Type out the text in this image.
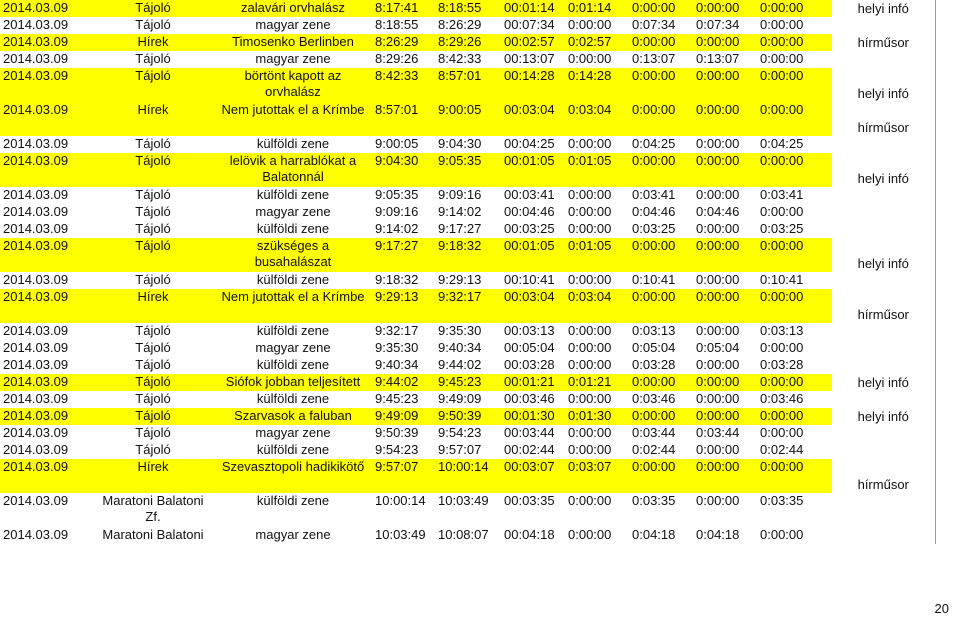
2014.03.09	Tájoló	zalavári orvhalász	8:17:41	8:18:55	00:01:14	0:01:14	0:00:00	0:00:00	0:00:00	helyi infó
2014.03.09	Tájoló	magyar zene	8:18:55	8:26:29	00:07:34	0:00:00	0:07:34	0:07:34	0:00:00	
2014.03.09	Hírek	Timosenko Berlinben	8:26:29	8:29:26	00:02:57	0:02:57	0:00:00	0:00:00	0:00:00	hírműsor
2014.03.09	Tájoló	magyar zene	8:29:26	8:42:33	00:13:07	0:00:00	0:13:07	0:13:07	0:00:00	
2014.03.09	Tájoló	börtönt kapott az orvhalász	8:42:33	8:57:01	00:14:28	0:14:28	0:00:00	0:00:00	0:00:00	helyi infó
2014.03.09	Hírek	Nem jutottak el a Krímbe	8:57:01	9:00:05	00:03:04	0:03:04	0:00:00	0:00:00	0:00:00	hírműsor
2014.03.09	Tájoló	külföldi zene	9:00:05	9:04:30	00:04:25	0:00:00	0:04:25	0:00:00	0:04:25	
2014.03.09	Tájoló	lelövik a harrablókat a Balatonnál	9:04:30	9:05:35	00:01:05	0:01:05	0:00:00	0:00:00	0:00:00	helyi infó
2014.03.09	Tájoló	külföldi zene	9:05:35	9:09:16	00:03:41	0:00:00	0:03:41	0:00:00	0:03:41	
2014.03.09	Tájoló	magyar zene	9:09:16	9:14:02	00:04:46	0:00:00	0:04:46	0:04:46	0:00:00	
2014.03.09	Tájoló	külföldi zene	9:14:02	9:17:27	00:03:25	0:00:00	0:03:25	0:00:00	0:03:25	
2014.03.09	Tájoló	szükséges a busahalászat	9:17:27	9:18:32	00:01:05	0:01:05	0:00:00	0:00:00	0:00:00	helyi infó
2014.03.09	Tájoló	külföldi zene	9:18:32	9:29:13	00:10:41	0:00:00	0:10:41	0:00:00	0:10:41	
2014.03.09	Hírek	Nem jutottak el a Krímbe	9:29:13	9:32:17	00:03:04	0:03:04	0:00:00	0:00:00	0:00:00	hírműsor
2014.03.09	Tájoló	külföldi zene	9:32:17	9:35:30	00:03:13	0:00:00	0:03:13	0:00:00	0:03:13	
2014.03.09	Tájoló	magyar zene	9:35:30	9:40:34	00:05:04	0:00:00	0:05:04	0:05:04	0:00:00	
2014.03.09	Tájoló	külföldi zene	9:40:34	9:44:02	00:03:28	0:00:00	0:03:28	0:00:00	0:03:28	
2014.03.09	Tájoló	Siófok jobban teljesített	9:44:02	9:45:23	00:01:21	0:01:21	0:00:00	0:00:00	0:00:00	helyi infó
2014.03.09	Tájoló	külföldi zene	9:45:23	9:49:09	00:03:46	0:00:00	0:03:46	0:00:00	0:03:46	
2014.03.09	Tájoló	Szarvasok a faluban	9:49:09	9:50:39	00:01:30	0:01:30	0:00:00	0:00:00	0:00:00	helyi infó
2014.03.09	Tájoló	magyar zene	9:50:39	9:54:23	00:03:44	0:00:00	0:03:44	0:03:44	0:00:00	
2014.03.09	Tájoló	külföldi zene	9:54:23	9:57:07	00:02:44	0:00:00	0:02:44	0:00:00	0:02:44	
2014.03.09	Hírek	Szevasztopoli hadikikötő	9:57:07	10:00:14	00:03:07	0:03:07	0:00:00	0:00:00	0:00:00	hírműsor
2014.03.09	Maratoni Balatoni Zf.	külföldi zene	10:00:14	10:03:49	00:03:35	0:00:00	0:03:35	0:00:00	0:03:35	
2014.03.09	Maratoni Balatoni	magyar zene	10:03:49	10:08:07	00:04:18	0:00:00	0:04:18	0:04:18	0:00:00	
20
